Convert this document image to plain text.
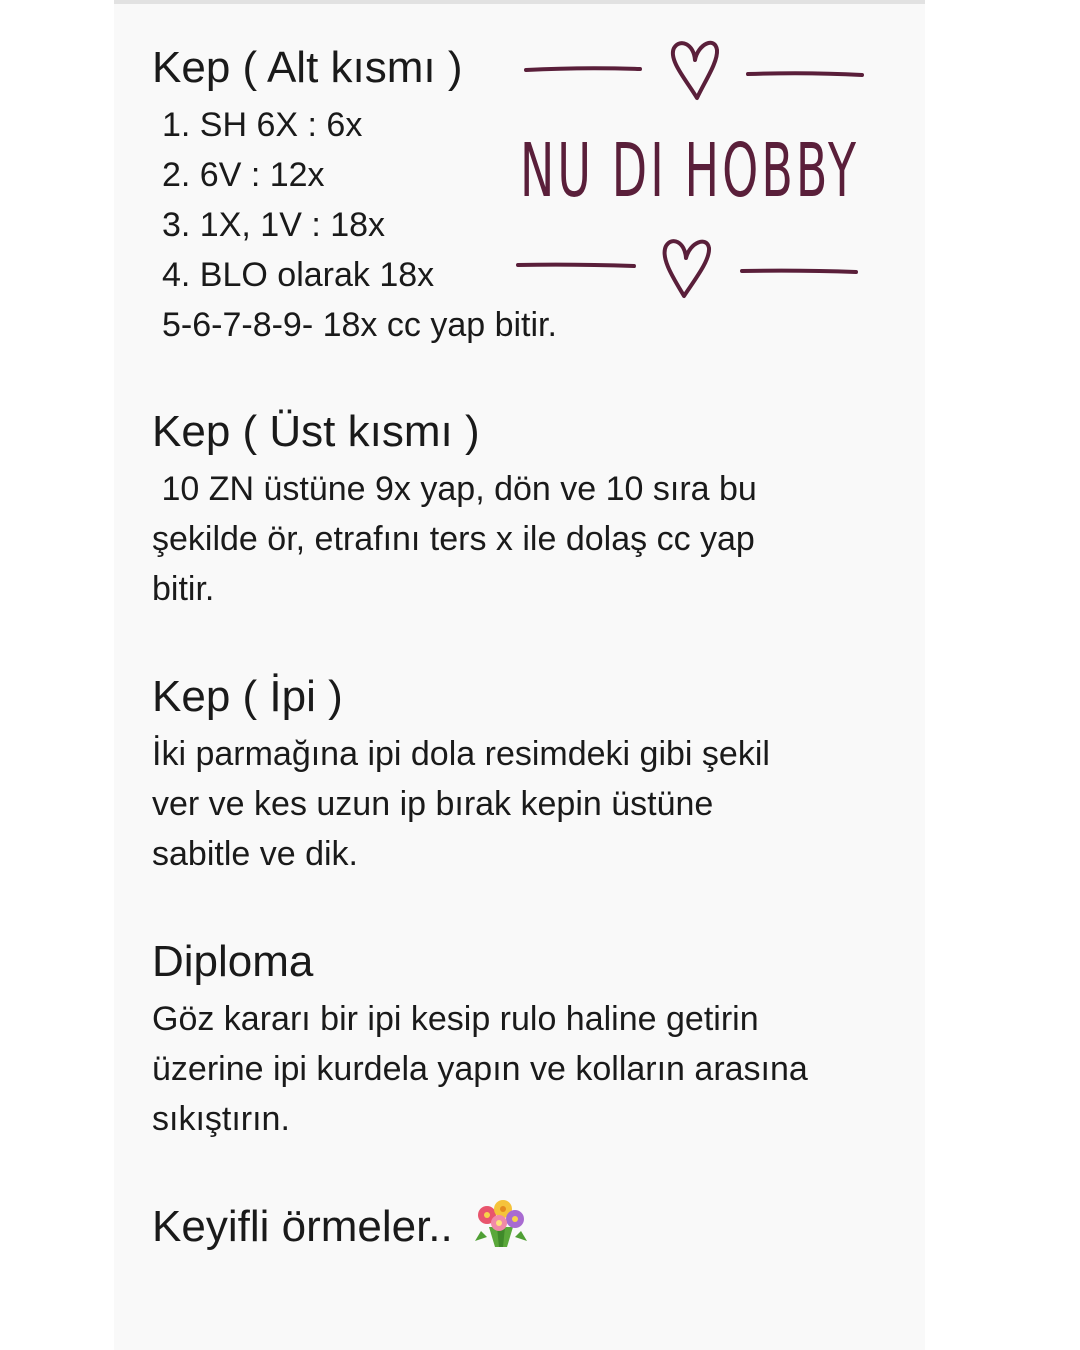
Kep ( Alt kısmı )
1. SH 6X : 6x
2. 6V : 12x
3. 1X, 1V : 18x
4. BLO olarak 18x
5-6-7-8-9- 18x cc yap bitir.
NU DI HOBBY
Kep ( Üst kısmı )
10 ZN üstüne 9x yap, dön ve 10 sıra bu
şekilde ör, etrafını ters x ile dolaş cc yap
bitir.
Kep ( İpi )
İki parmağına ipi dola resimdeki gibi şekil
ver ve kes uzun ip bırak kepin üstüne
sabitle ve dik.
Diploma
Göz kararı bir ipi kesip rulo haline getirin
üzerine ipi kurdela yapın ve kolların arasına
sıkıştırın.
Keyifli örmeler..
